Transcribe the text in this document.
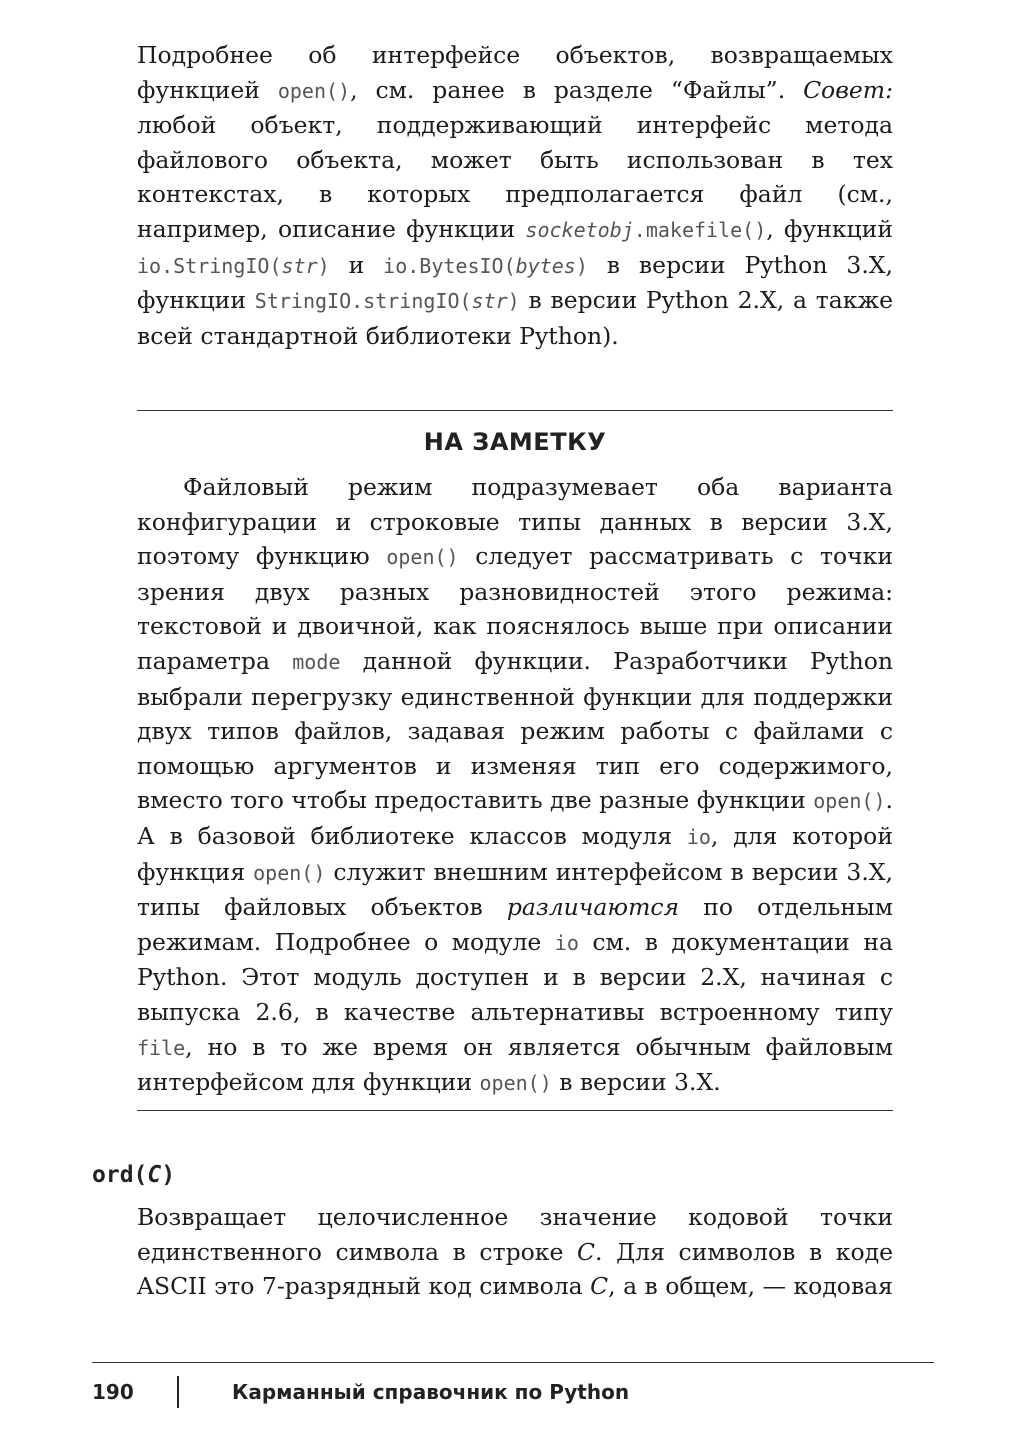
Подробнее об интерфейсе объектов, возвращаемых функцией open(), см. ранее в разделе “Файлы”. Совет: любой объект, поддерживающий интерфейс метода файлового объекта, может быть использован в тех контекстах, в которых предполагается файл (см., например, описание функции socketobj.makefile(), функций io.StringIO(str) и io.BytesIO(bytes) в версии Python 3.X, функции StringIO.stringIO(str) в версии Python 2.X, а также всей стандартной библиотеки Python).

НА ЗАМЕТКУ

Файловый режим подразумевает оба варианта конфигурации и строковые типы данных в версии 3.X, поэтому функцию open() следует рассматривать с точки зрения двух разных разновидностей этого режима: текстовой и двоичной, как пояснялось выше при описании параметра mode данной функции. Разработчики Python выбрали перегрузку единственной функции для поддержки двух типов файлов, задавая режим работы с файлами с помощью аргументов и изменяя тип его содержимого, вместо того чтобы предоставить две разные функции open(). А в базовой библиотеке классов модуля io, для которой функция open() служит внешним интерфейсом в версии 3.X, типы файловых объектов различаются по отдельным режимам. Подробнее о модуле io см. в документации на Python. Этот модуль доступен и в версии 2.X, начиная с выпуска 2.6, в качестве альтернативы встроенному типу file, но в то же время он является обычным файловым интерфейсом для функции open() в версии 3.X.

ord(C)

Возвращает целочисленное значение кодовой точки единственного символа в строке C. Для символов в коде ASCII это 7-разрядный код символа C, а в общем, — кодовая

190	Карманный справочник по Python
